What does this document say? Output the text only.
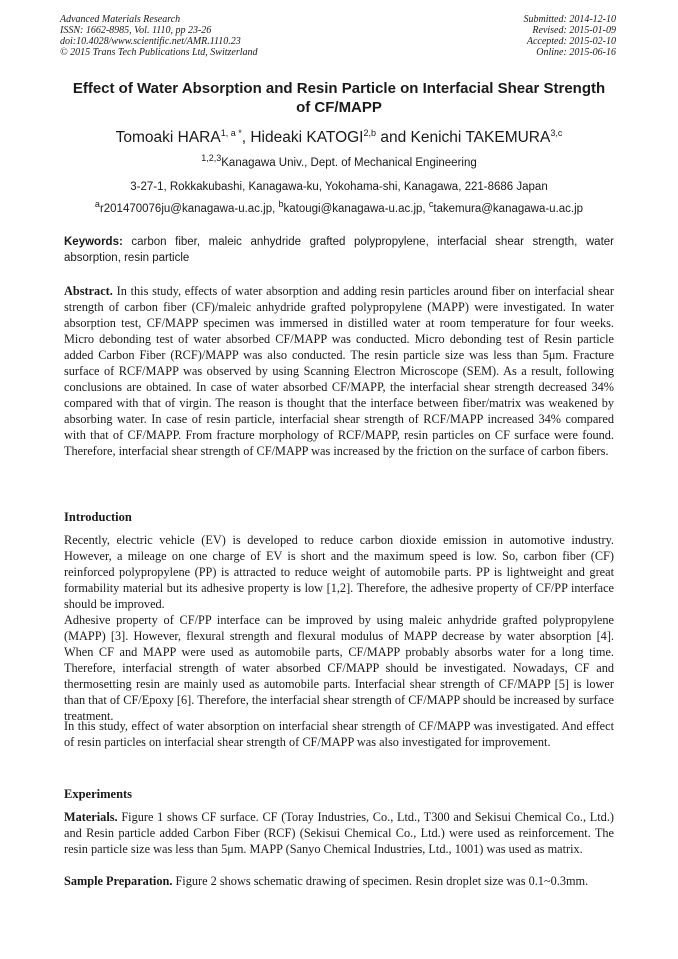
Advanced Materials Research
ISSN: 1662-8985, Vol. 1110, pp 23-26
doi:10.4028/www.scientific.net/AMR.1110.23
© 2015 Trans Tech Publications Ltd, Switzerland
Submitted: 2014-12-10
Revised: 2015-01-09
Accepted: 2015-02-10
Online: 2015-06-16
Effect of Water Absorption and Resin Particle on Interfacial Shear Strength of CF/MAPP
Tomoaki $HARA^{1, a *}$, Hideaki KATOGI$^{2,b}$ and Kenichi TAKEMURA$^{3,c}$
$^{1,2,3}$Kanagawa Univ., Dept. of Mechanical Engineering
3-27-1, Rokkakubashi, Kanagawa-ku, Yokohama-shi, Kanagawa, 221-8686 Japan
$^a$r201470076ju@kanagawa-u.ac.jp, $^b$katougi@kanagawa-u.ac.jp, $^c$takemura@kanagawa-u.ac.jp
Keywords: carbon fiber, maleic anhydride grafted polypropylene, interfacial shear strength, water absorption, resin particle
Abstract. In this study, effects of water absorption and adding resin particles around fiber on interfacial shear strength of carbon fiber (CF)/maleic anhydride grafted polypropylene (MAPP) were investigated. In water absorption test, CF/MAPP specimen was immersed in distilled water at room temperature for four weeks. Micro debonding test of water absorbed CF/MAPP was conducted. Micro debonding test of Resin particle added Carbon Fiber (RCF)/MAPP was also conducted. The resin particle size was less than 5μm. Fracture surface of RCF/MAPP was observed by using Scanning Electron Microscope (SEM). As a result, following conclusions are obtained. In case of water absorbed CF/MAPP, the interfacial shear strength decreased 34% compared with that of virgin. The reason is thought that the interface between fiber/matrix was weakened by absorbing water. In case of resin particle, interfacial shear strength of RCF/MAPP increased 34% compared with that of CF/MAPP. From fracture morphology of RCF/MAPP, resin particles on CF surface were found. Therefore, interfacial shear strength of CF/MAPP was increased by the friction on the surface of carbon fibers.
Introduction
Recently, electric vehicle (EV) is developed to reduce carbon dioxide emission in automotive industry. However, a mileage on one charge of EV is short and the maximum speed is low. So, carbon fiber (CF) reinforced polypropylene (PP) is attracted to reduce weight of automobile parts. PP is lightweight and great formability material but its adhesive property is low [1,2]. Therefore, the adhesive property of CF/PP interface should be improved.
Adhesive property of CF/PP interface can be improved by using maleic anhydride grafted polypropylene (MAPP) [3]. However, flexural strength and flexural modulus of MAPP decrease by water absorption [4]. When CF and MAPP were used as automobile parts, CF/MAPP probably absorbs water for a long time. Therefore, interfacial strength of water absorbed CF/MAPP should be investigated. Nowadays, CF and thermosetting resin are mainly used as automobile parts. Interfacial shear strength of CF/MAPP [5] is lower than that of CF/Epoxy [6]. Therefore, the interfacial shear strength of CF/MAPP should be increased by surface treatment.
In this study, effect of water absorption on interfacial shear strength of CF/MAPP was investigated. And effect of resin particles on interfacial shear strength of CF/MAPP was also investigated for improvement.
Experiments
Materials. Figure 1 shows CF surface. CF (Toray Industries, Co., Ltd., T300 and Sekisui Chemical Co., Ltd.) and Resin particle added Carbon Fiber (RCF) (Sekisui Chemical Co., Ltd.) were used as reinforcement. The resin particle size was less than 5μm. MAPP (Sanyo Chemical Industries, Ltd., 1001) was used as matrix.
Sample Preparation. Figure 2 shows schematic drawing of specimen. Resin droplet size was 0.1~0.3mm.
